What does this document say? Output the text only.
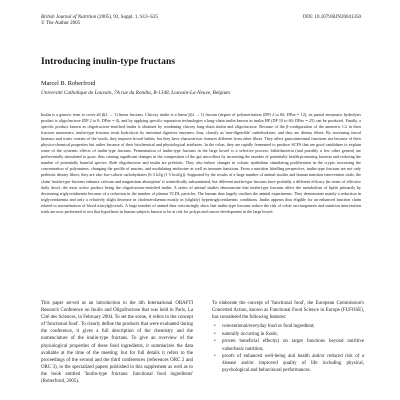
British Journal of Nutrition (2005), 93, Suppl. 1, S13–S25
© The Author 2005
DOI: 10.1079/BJN20041350
Introducing inulin-type fructans
Marcel B. Roberfroid
Université Catholique de Louvain, 7A rue du Rondia, B-1348, Louvain-La-Neuve, Belgium
Inulin is a generic term to cover all β(2 → 1) linear fructans. Chicory inulin is a linear β(2 → 1) fructan (degree of polymerisation (DP) 2 to 60; DPav = 12), its partial enzymatic hydrolysis product is oligofructose (DP 2 to 8; DPav = 4), and by applying specific separation technologies a long-chain inulin known as inulin HP (DP 10 to 60; DPav = 25) can be produced. Finally, a specific product known as oligofructose-enriched inulin is obtained by combining chicory long-chain inulin and oligofructose. Because of the β-configuration of the anomeric C2 in their fructose monomers, inulin-type fructans resist hydrolysis by intestinal digestive enzymes; thus, classify as 'non-digestible' carbohydrates, and they are dietary fibres. By increasing faecal biomass and water content of the stools, they improve bowel habits, but they have characteristic features different from other fibres. They affect gastrointestinal functions not because of their physico-chemical properties but rather because of their biochemical and physiological attributes. In the colon, they are rapidly fermented to produce SCFA that are good candidates to explain some of the systemic effects of inulin-type fructans. Fermentation of inulin-type fructans in the large bowel is a selective process; bifidobacteria (and possibly a few other genera) are preferentially stimulated to grow, thus causing significant changes in the composition of the gut microflora by increasing the number of potentially health-promoting bacteria and reducing the number of potentially harmful species. Both oligofructose and inulin are prebiotic. They also induce changes in colonic epithelium stimulating proliferation in the crypts, increasing the concentration of polyamines, changing the profile of mucins, and modulating endocrine as well as immune functions. From a nutrition labelling perspective, inulin-type fructans are not only prebiotic dietary fibres; they are also low-calorie carbohydrates (6·3 kJ/g (1·5 kcal/g)). Supported by the results of a large number of animal studies and human nutrition intervention trials, the claim 'inulin-type fructans enhance calcium and magnesium absorption' is scientifically substantiated, but different inulin-type fructans have probably a different efficacy (in terms of effective daily dose), the most active product being the oligofructose-enriched inulin. A series of animal studies demonstrate that inulin-type fructans affect the metabolism of lipids primarily by decreasing triglyceridaemia because of a reduction in the number of plasma VLDL particles. The human data largely confirm the animal experiments. They demonstrate mainly a reduction in triglyceridaemia and only a relatively slight decrease in cholesterolaemia mostly in (slightly) hypertriglyceridaemic conditions. Inulin appears thus eligible for an enhanced function claim related to normalisation of blood triacylglycerols. A large number of animal data convincingly show that inulin-type fructans reduce the risk of colon carcinogenesis and nutrition intervention trials are now performed to test that hypothesis in human subjects known to be at risk for polyps and cancer development in the large bowel.

This paper served as an introduction to the 4th International ORAFTI Research Conference on Inulin and Oligofructose that was held in Paris, La Cité des Sciences, in February 2004. To set the scene, it refers to the concept of 'functional food'. To clearly define the products that were evaluated during the conference, it gives a full description of the chemistry and the nomenclature of the inulin-type fructans. To give an overview of the physiological properties of these food ingredients, it summarizes the data available at the time of the meeting; but for full details it refers to the proceedings of the second and the third conferences (references ORC 2 and ORC 3), to the specialized papers published in this supplement as well as to the book entitled 'Inulin-type fructans: functional food ingredients' (Roberfroid, 2005).

To elaborate the concept of 'functional food', the European Commission's Concerted Action, known as Functional Food Science in Europe (FUFOSE), has considered the following features:

• conventional/everyday food or food ingredient;
• naturally occurring in foods;
• proven beneficial effect(s) on target functions beyond nutritive value/basic nutrition;
• proofs of enhanced well-being and health and/or reduced risk of a disease and/or improved quality of life including physical, psychological and behavioural performances.
